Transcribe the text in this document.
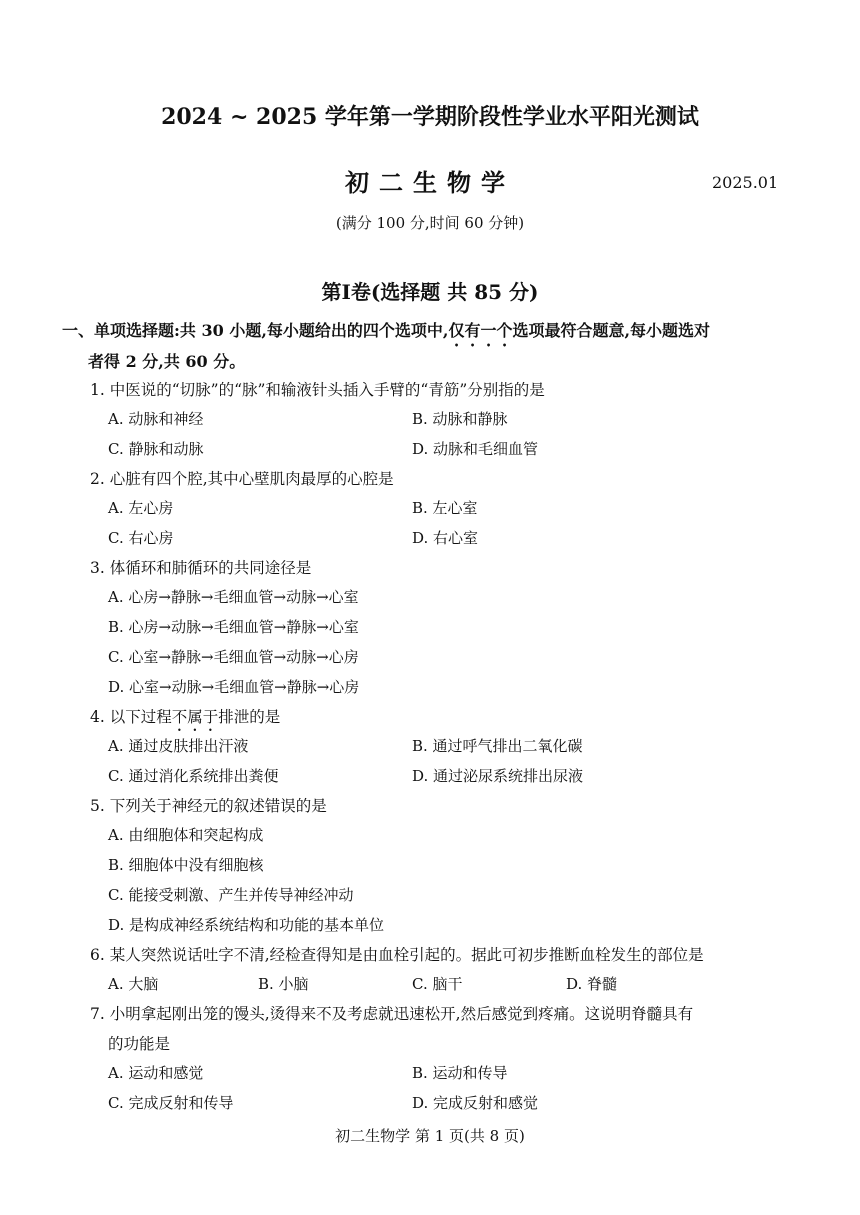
2024 ~ 2025 学年第一学期阶段性学业水平阳光测试
初二生物学	2025.01
(满分 100 分,时间 60 分钟)
第Ⅰ卷(选择题 共 85 分)
一、单项选择题:共 30 小题,每小题给出的四个选项中,仅有一个选项最符合题意,每小题选对
者得 2 分,共 60 分。
1. 中医说的“切脉”的“脉”和输液针头插入手臂的“青筋”分别指的是
A. 动脉和神经	B. 动脉和静脉
C. 静脉和动脉	D. 动脉和毛细血管
2. 心脏有四个腔,其中心壁肌肉最厚的心腔是
A. 左心房	B. 左心室
C. 右心房	D. 右心室
3. 体循环和肺循环的共同途径是
A. 心房→静脉→毛细血管→动脉→心室
B. 心房→动脉→毛细血管→静脉→心室
C. 心室→静脉→毛细血管→动脉→心房
D. 心室→动脉→毛细血管→静脉→心房
4. 以下过程不属于排泄的是
A. 通过皮肤排出汗液	B. 通过呼气排出二氧化碳
C. 通过消化系统排出粪便	D. 通过泌尿系统排出尿液
5. 下列关于神经元的叙述错误的是
A. 由细胞体和突起构成
B. 细胞体中没有细胞核
C. 能接受刺激、产生并传导神经冲动
D. 是构成神经系统结构和功能的基本单位
6. 某人突然说话吐字不清,经检查得知是由血栓引起的。据此可初步推断血栓发生的部位是
A. 大脑	B. 小脑	C. 脑干	D. 脊髓
7. 小明拿起刚出笼的馒头,烫得来不及考虑就迅速松开,然后感觉到疼痛。这说明脊髓具有
的功能是
A. 运动和感觉	B. 运动和传导
C. 完成反射和传导	D. 完成反射和感觉
初二生物学 第 1 页(共 8 页)
